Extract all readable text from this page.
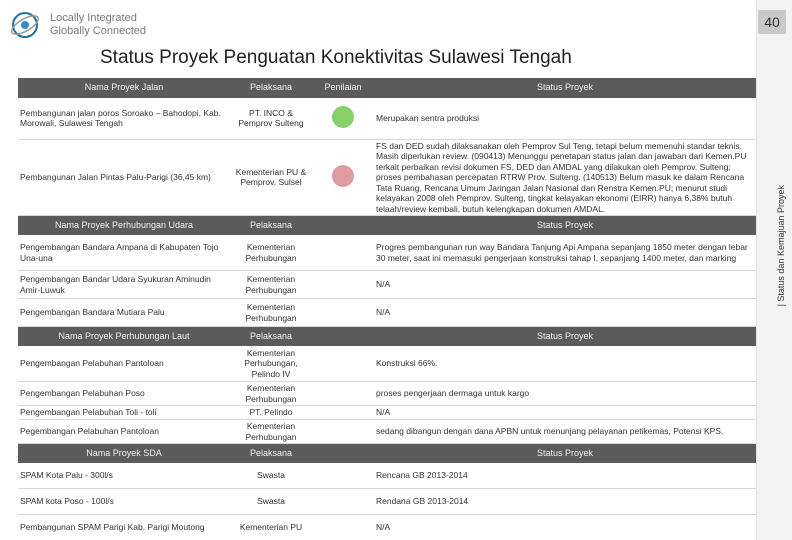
Locally Integrated
Globally Connected
40
| Status dan Kemajuan Proyek
Status Proyek Penguatan Konektivitas Sulawesi Tengah
Nama Proyek Jalan	Pelaksana	Penilaian	Status Proyek
Pembangunan jalan poros Soroako – Bahodopi, Kab. Morowali, Sulawesi Tengah	PT. INCO & Pemprov Sulteng		Merupakan sentra produksi
Pembangunan Jalan Pintas Palu-Parigi (36,45 km)	Kementerian PU & Pemprov. Sulsel		FS dan DED sudah dilaksanakan oleh Pemprov Sul Teng, tetapi belum memenuhi standar teknis. Masih diperlukan review. (090413) Menunggu penetapan status jalan dan jawaban dari Kemen.PU terkait perbaikan revisi dokumen FS, DED dan AMDAL yang dilakukan oleh Pemprov. Sulteng; proses pembahasan percepatan RTRW Prov. Sulteng. (140513) Belum masuk ke dalam Rencana Tata Ruang, Rencana Umum Jaringan Jalan Nasional dan Renstra Kemen.PU; menurut studi kelayakan 2008 oleh Pemprov. Sulteng, tingkat kelayakan ekonomi (EIRR) hanya 6,38% butuh telaah/review kembali, butuh kelengkapan dokumen AMDAL.
Nama Proyek Perhubungan Udara	Pelaksana		Status Proyek
Pengembangan Bandara Ampana di Kabupaten Tojo Una-una	Kementerian Perhubungan		Progres pembangunan run way Bandara Tanjung Api Ampana sepanjang 1850 meter dengan lebar 30 meter, saat ini memasuki pengerjaan konstruksi tahap I, sepanjang 1400 meter, dan marking
Pengembangan Bandar Udara Syukuran Aminudin Amir-Luwuk	Kementerian Perhubungan		N/A
Pengembangan Bandara Mutiara Palu	Kementerian Perhubungan		N/A
Nama Proyek Perhubungan Laut	Pelaksana		Status Proyek
Pengembangan Pelabuhan Pantoloan	Kementerian Perhubungan, Pelindo IV		Konstruksi 66%.
Pengembangan Pelabuhan Poso	Kementerian Perhubungan		proses pengerjaan dermaga untuk kargo
Pengembangan Pelabuhan Toli - toli	PT. Pelindo		N/A
Pegembangan Pelabuhan Pantoloan	Kementerian Perhubungan		sedang dibangun dengan dana APBN untuk menunjang pelayanan petikemas, Potensi KPS.
Nama Proyek SDA	Pelaksana		Status Proyek
SPAM Kota Palu - 300l/s	Swasta		Rencana GB 2013-2014
SPAM kota Poso - 100l/s	Swasta		Rendana GB 2013-2014
Pembangunan SPAM Parigi Kab. Parigi Moutong	Kementerian PU		N/A
